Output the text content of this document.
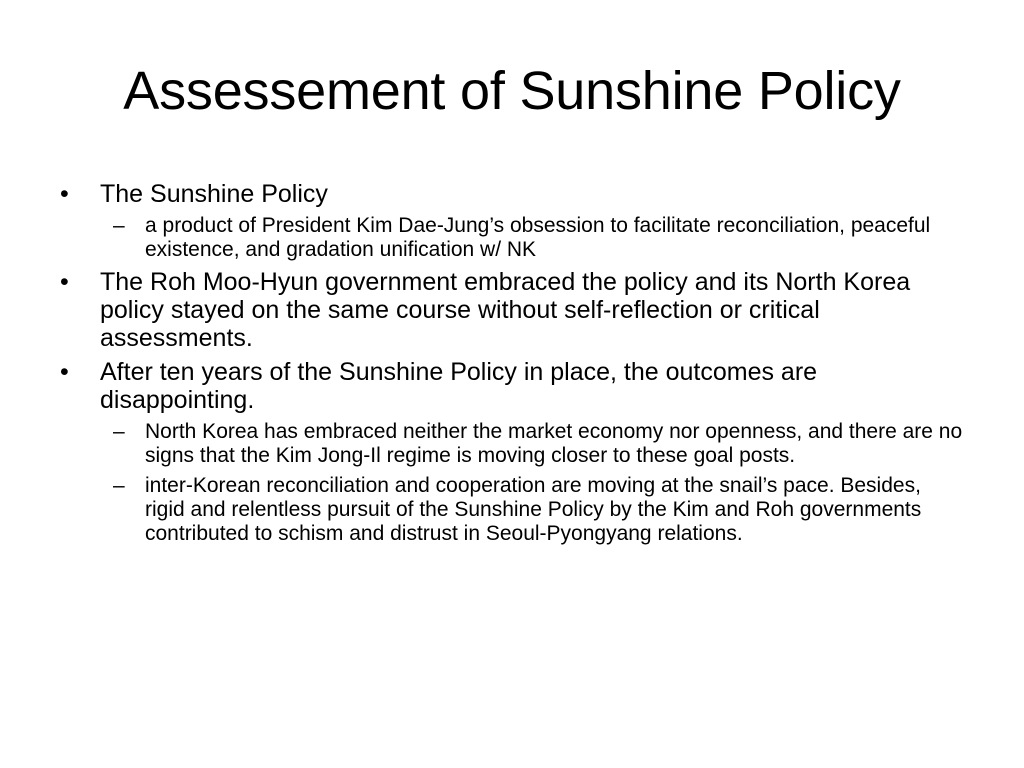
Assessement of Sunshine Policy
• The Sunshine Policy
– a product of President Kim Dae-Jung’s obsession to facilitate reconciliation, peaceful existence, and gradation unification w/ NK
• The Roh Moo-Hyun government embraced the policy and its North Korea policy stayed on the same course without self-reflection or critical assessments.
• After ten years of the Sunshine Policy in place, the outcomes are disappointing.
– North Korea has embraced neither the market economy nor openness, and there are no signs that the Kim Jong-Il regime is moving closer to these goal posts.
– inter-Korean reconciliation and cooperation are moving at the snail’s pace. Besides, rigid and relentless pursuit of the Sunshine Policy by the Kim and Roh governments contributed to schism and distrust in Seoul-Pyongyang relations.
